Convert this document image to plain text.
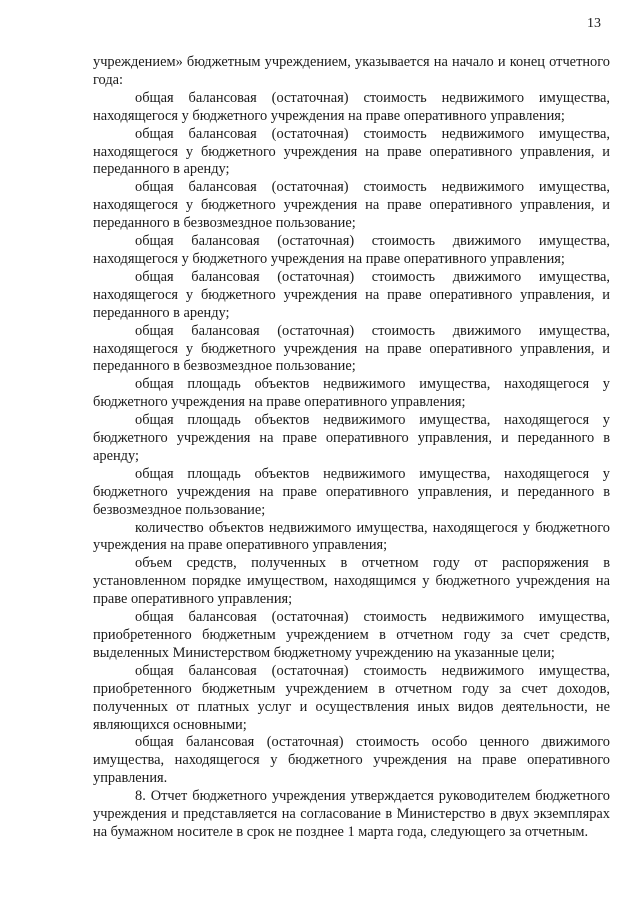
13

учреждением» бюджетным учреждением, указывается на начало и конец отчетного года:

общая балансовая (остаточная) стоимость недвижимого имущества, находящегося у бюджетного учреждения на праве оперативного управления;

общая балансовая (остаточная) стоимость недвижимого имущества, находящегося у бюджетного учреждения на праве оперативного управления, и переданного в аренду;

общая балансовая (остаточная) стоимость недвижимого имущества, находящегося у бюджетного учреждения на праве оперативного управления, и переданного в безвозмездное пользование;

общая балансовая (остаточная) стоимость движимого имущества, находящегося у бюджетного учреждения на праве оперативного управления;

общая балансовая (остаточная) стоимость движимого имущества, находящегося у бюджетного учреждения на праве оперативного управления, и переданного в аренду;

общая балансовая (остаточная) стоимость движимого имущества, находящегося у бюджетного учреждения на праве оперативного управления, и переданного в безвозмездное пользование;

общая площадь объектов недвижимого имущества, находящегося у бюджетного учреждения на праве оперативного управления;

общая площадь объектов недвижимого имущества, находящегося у бюджетного учреждения на праве оперативного управления, и переданного в аренду;

общая площадь объектов недвижимого имущества, находящегося у бюджетного учреждения на праве оперативного управления, и переданного в безвозмездное пользование;

количество объектов недвижимого имущества, находящегося у бюджетного учреждения на праве оперативного управления;

объем средств, полученных в отчетном году от распоряжения в установленном порядке имуществом, находящимся у бюджетного учреждения на праве оперативного управления;

общая балансовая (остаточная) стоимость недвижимого имущества, приобретенного бюджетным учреждением в отчетном году за счет средств, выделенных Министерством бюджетному учреждению на указанные цели;

общая балансовая (остаточная) стоимость недвижимого имущества, приобретенного бюджетным учреждением в отчетном году за счет доходов, полученных от платных услуг и осуществления иных видов деятельности, не являющихся основными;

общая балансовая (остаточная) стоимость особо ценного движимого имущества, находящегося у бюджетного учреждения на праве оперативного управления.

8. Отчет бюджетного учреждения утверждается руководителем бюджетного учреждения и представляется на согласование в Министерство в двух экземплярах на бумажном носителе в срок не позднее 1 марта года, следующего за отчетным.
